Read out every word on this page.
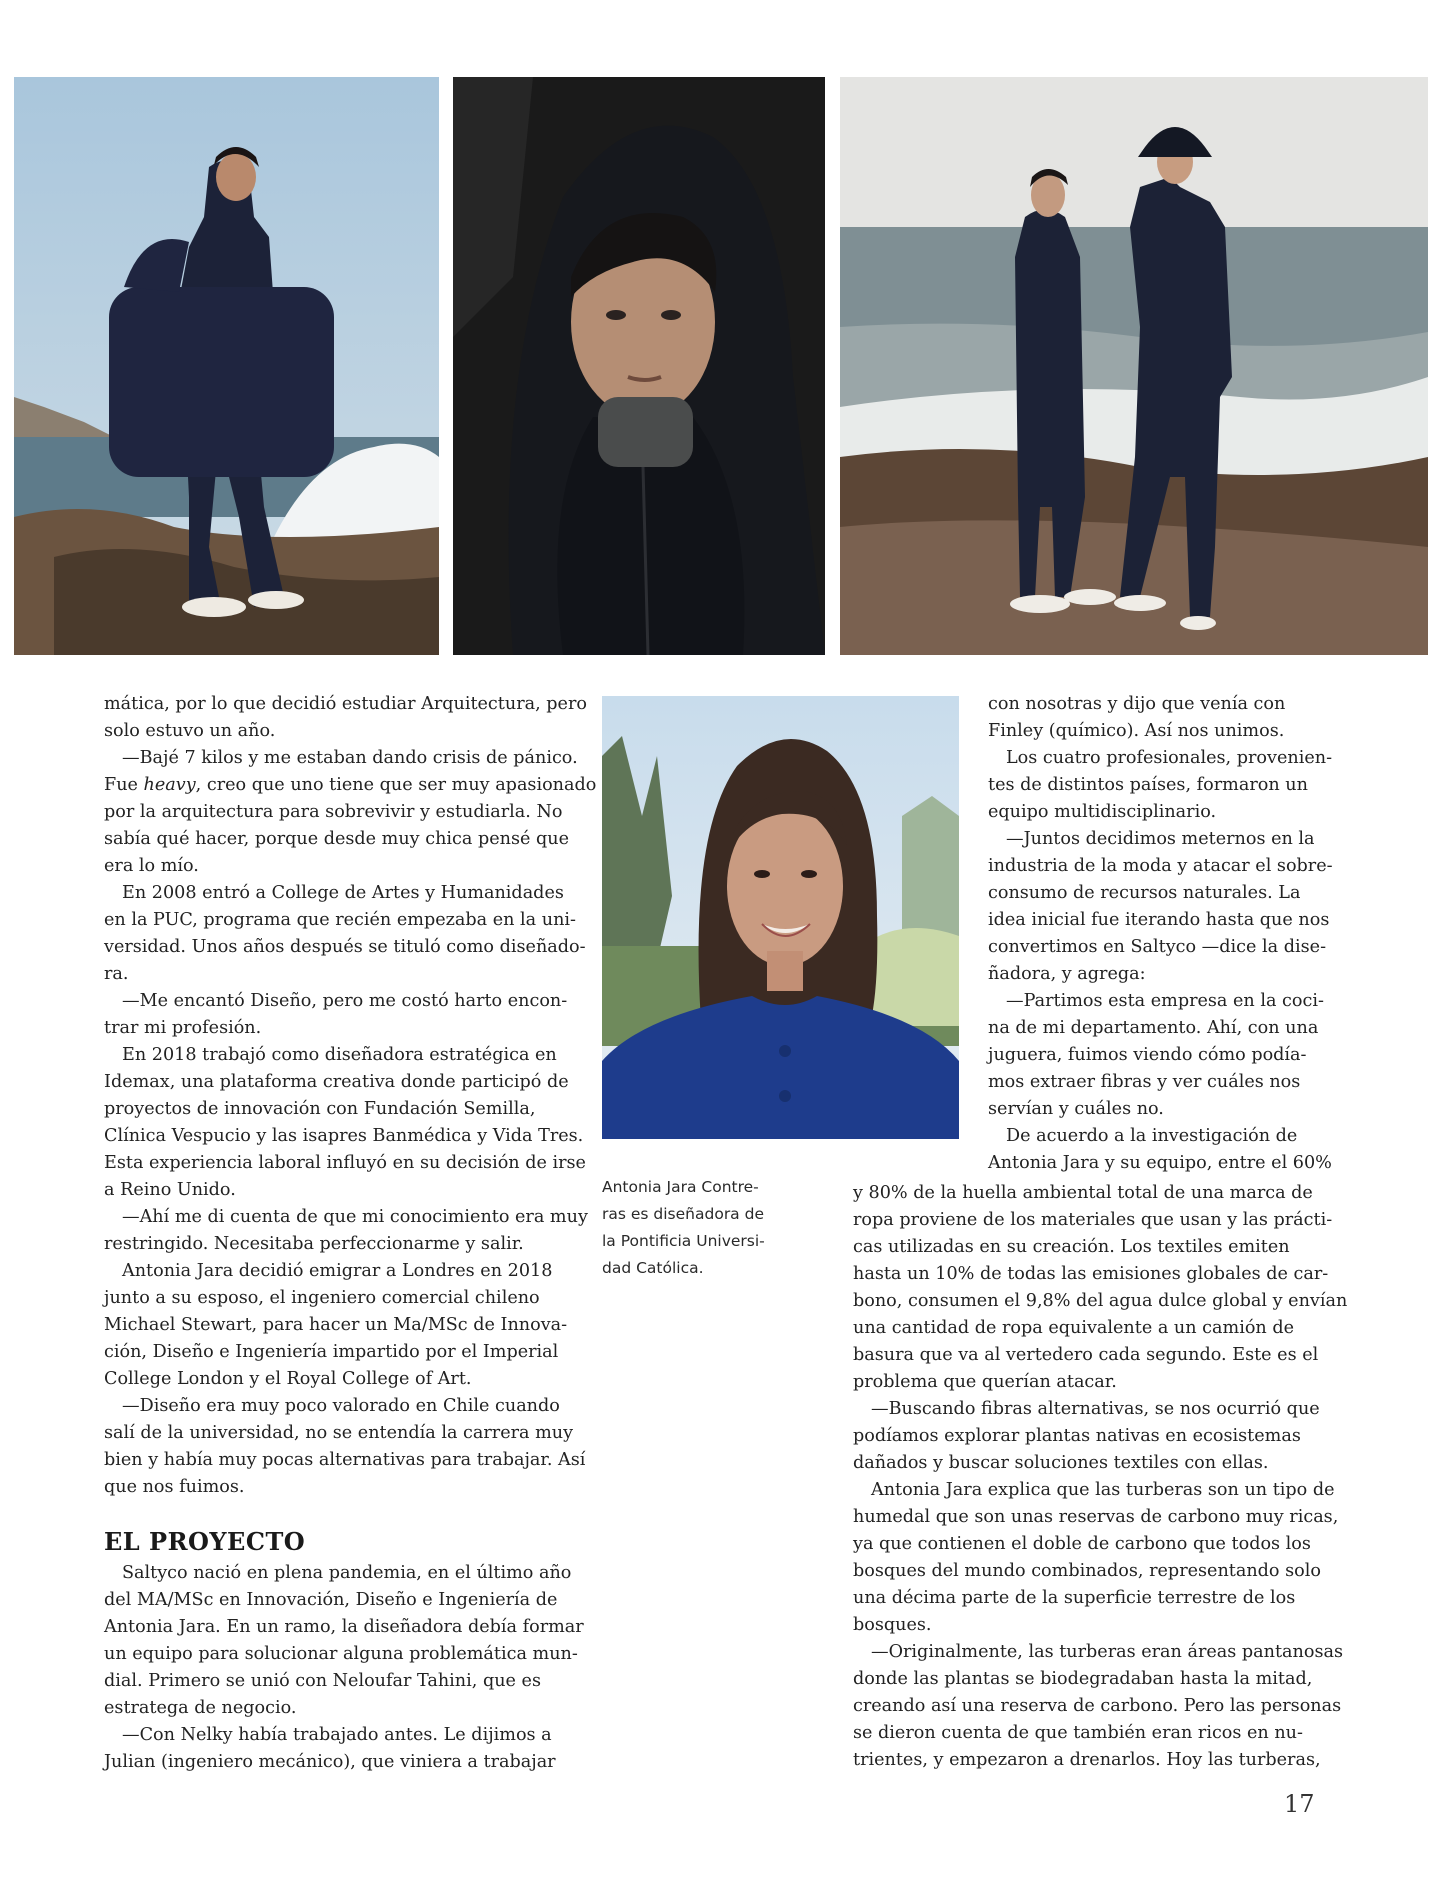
mática, por lo que decidió estudiar Arquitectura, pero
solo estuvo un año.
—Bajé 7 kilos y me estaban dando crisis de pánico.
Fue heavy, creo que uno tiene que ser muy apasionado
por la arquitectura para sobrevivir y estudiarla. No
sabía qué hacer, porque desde muy chica pensé que
era lo mío.
En 2008 entró a College de Artes y Humanidades
en la PUC, programa que recién empezaba en la uni-
versidad. Unos años después se tituló como diseñado-
ra.
—Me encantó Diseño, pero me costó harto encon-
trar mi profesión.
En 2018 trabajó como diseñadora estratégica en
Idemax, una plataforma creativa donde participó de
proyectos de innovación con Fundación Semilla,
Clínica Vespucio y las isapres Banmédica y Vida Tres.
Esta experiencia laboral influyó en su decisión de irse
a Reino Unido.
—Ahí me di cuenta de que mi conocimiento era muy
restringido. Necesitaba perfeccionarme y salir.
Antonia Jara decidió emigrar a Londres en 2018
junto a su esposo, el ingeniero comercial chileno
Michael Stewart, para hacer un Ma/MSc de Innova-
ción, Diseño e Ingeniería impartido por el Imperial
College London y el Royal College of Art.
—Diseño era muy poco valorado en Chile cuando
salí de la universidad, no se entendía la carrera muy
bien y había muy pocas alternativas para trabajar. Así
que nos fuimos.
EL PROYECTO
Saltyco nació en plena pandemia, en el último año
del MA/MSc en Innovación, Diseño e Ingeniería de
Antonia Jara. En un ramo, la diseñadora debía formar
un equipo para solucionar alguna problemática mun-
dial. Primero se unió con Neloufar Tahini, que es
estratega de negocio.
—Con Nelky había trabajado antes. Le dijimos a
Julian (ingeniero mecánico), que viniera a trabajar
Antonia Jara Contre-
ras es diseñadora de
la Pontificia Universi-
dad Católica.
con nosotras y dijo que venía con
Finley (químico). Así nos unimos.
Los cuatro profesionales, provenien-
tes de distintos países, formaron un
equipo multidisciplinario.
—Juntos decidimos meternos en la
industria de la moda y atacar el sobre-
consumo de recursos naturales. La
idea inicial fue iterando hasta que nos
convertimos en Saltyco —dice la dise-
ñadora, y agrega:
—Partimos esta empresa en la coci-
na de mi departamento. Ahí, con una
juguera, fuimos viendo cómo podía-
mos extraer fibras y ver cuáles nos
servían y cuáles no.
De acuerdo a la investigación de
Antonia Jara y su equipo, entre el 60%
y 80% de la huella ambiental total de una marca de
ropa proviene de los materiales que usan y las prácti-
cas utilizadas en su creación. Los textiles emiten
hasta un 10% de todas las emisiones globales de car-
bono, consumen el 9,8% del agua dulce global y envían
una cantidad de ropa equivalente a un camión de
basura que va al vertedero cada segundo. Este es el
problema que querían atacar.
—Buscando fibras alternativas, se nos ocurrió que
podíamos explorar plantas nativas en ecosistemas
dañados y buscar soluciones textiles con ellas.
Antonia Jara explica que las turberas son un tipo de
humedal que son unas reservas de carbono muy ricas,
ya que contienen el doble de carbono que todos los
bosques del mundo combinados, representando solo
una décima parte de la superficie terrestre de los
bosques.
—Originalmente, las turberas eran áreas pantanosas
donde las plantas se biodegradaban hasta la mitad,
creando así una reserva de carbono. Pero las personas
se dieron cuenta de que también eran ricos en nu-
trientes, y empezaron a drenarlos. Hoy las turberas,
17
